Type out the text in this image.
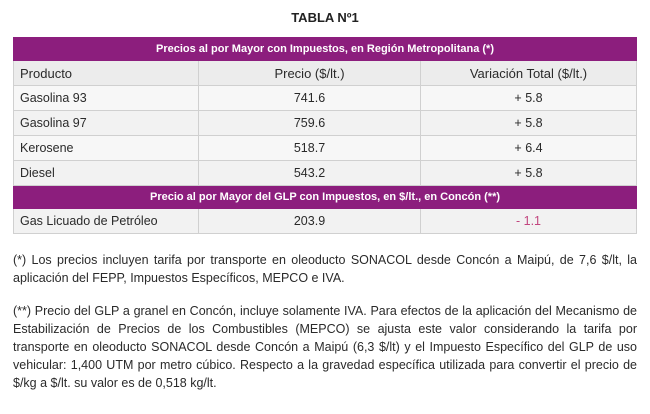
TABLA Nº1
Precios al por Mayor con Impuestos, en Región Metropolitana (*)		
Producto	Precio ($/lt.)	Variación Total ($/lt.)
Gasolina 93	741.6	+ 5.8
Gasolina 97	759.6	+ 5.8
Kerosene	518.7	+ 6.4
Diesel	543.2	+ 5.8
Precio al por Mayor del GLP con Impuestos, en $/lt., en Concón (**)		
Gas Licuado de Petróleo	203.9	- 1.1
(*) Los precios incluyen tarifa por transporte en oleoducto SONACOL desde Concón a Maipú, de 7,6 $/lt, la aplicación del FEPP, Impuestos Específicos, MEPCO e IVA.
(**) Precio del GLP a granel en Concón, incluye solamente IVA. Para efectos de la aplicación del Mecanismo de Estabilización de Precios de los Combustibles (MEPCO) se ajusta este valor considerando la tarifa por transporte en oleoducto SONACOL desde Concón a Maipú (6,3 $/lt) y el Impuesto Específico del GLP de uso vehicular: 1,400 UTM por metro cúbico. Respecto a la gravedad específica utilizada para convertir el precio de $/kg a $/lt. su valor es de 0,518 kg/lt.
